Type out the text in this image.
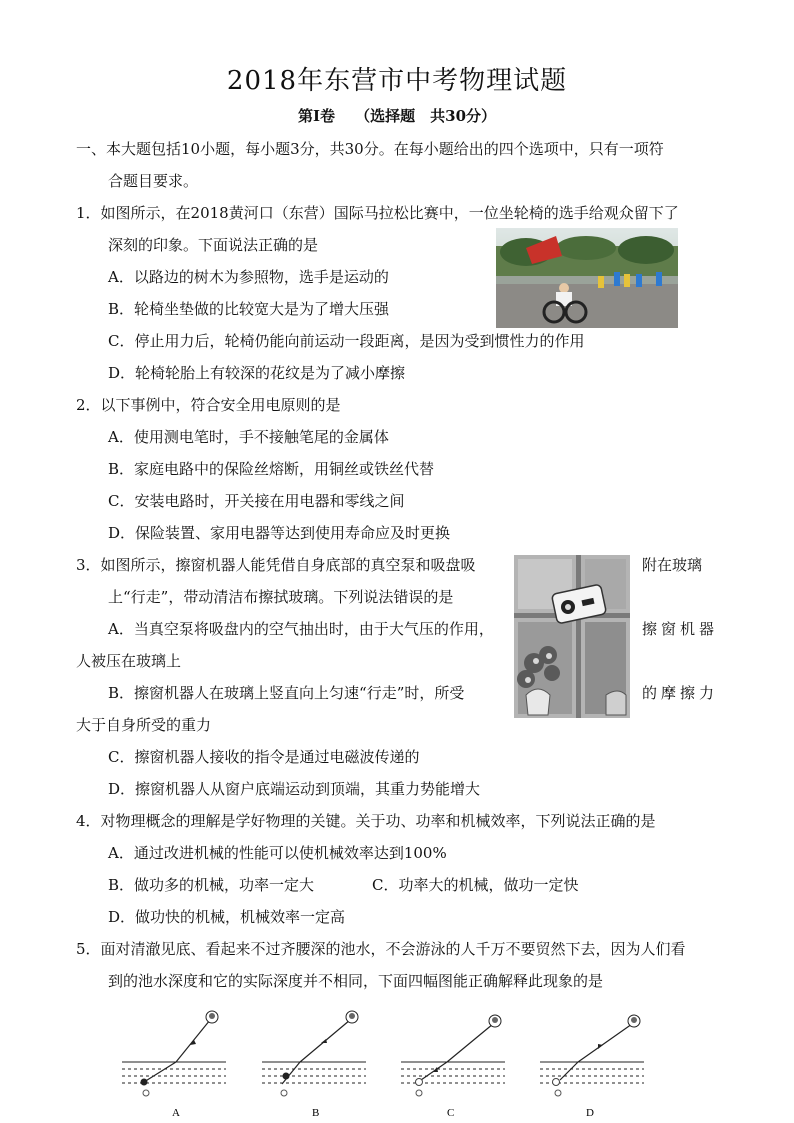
2018年东营市中考物理试题
第Ⅰ卷　 （选择题　共30分）
一、本大题包括10小题，每小题3分，共30分。在每小题给出的四个选项中，只有一项符
合题目要求。
1．如图所示，在2018黄河口（东营）国际马拉松比赛中，一位坐轮椅的选手给观众留下了
深刻的印象。下面说法正确的是
A．以路边的树木为参照物，选手是运动的
B．轮椅坐垫做的比较宽大是为了增大压强
C．停止用力后，轮椅仍能向前运动一段距离，是因为受到惯性力的作用
D．轮椅轮胎上有较深的花纹是为了减小摩擦
2．以下事例中，符合安全用电原则的是
A．使用测电笔时，手不接触笔尾的金属体
B．家庭电路中的保险丝熔断，用铜丝或铁丝代替
C．安装电路时，开关接在用电器和零线之间
D．保险装置、家用电器等达到使用寿命应及时更换
3．如图所示，擦窗机器人能凭借自身底部的真空泵和吸盘吸	附在玻璃
上“行走”，带动清洁布擦拭玻璃。下列说法错误的是
A．当真空泵将吸盘内的空气抽出时，由于大气压的作用，	擦窗机器
人被压在玻璃上
B．擦窗机器人在玻璃上竖直向上匀速“行走”时，所受	的摩擦力
大于自身所受的重力
C．擦窗机器人接收的指令是通过电磁波传递的
D．擦窗机器人从窗户底端运动到顶端，其重力势能增大
4．对物理概念的理解是学好物理的关键。关于功、功率和机械效率，下列说法正确的是
A．通过改进机械的性能可以使机械效率达到100%
B．做功多的机械，功率一定大	C．功率大的机械，做功一定快
D．做功快的机械，机械效率一定高
5．面对清澈见底、看起来不过齐腰深的池水，不会游泳的人千万不要贸然下去，因为人们看
到的池水深度和它的实际深度并不相同，下面四幅图能正确解释此现象的是
A	B	C	D
